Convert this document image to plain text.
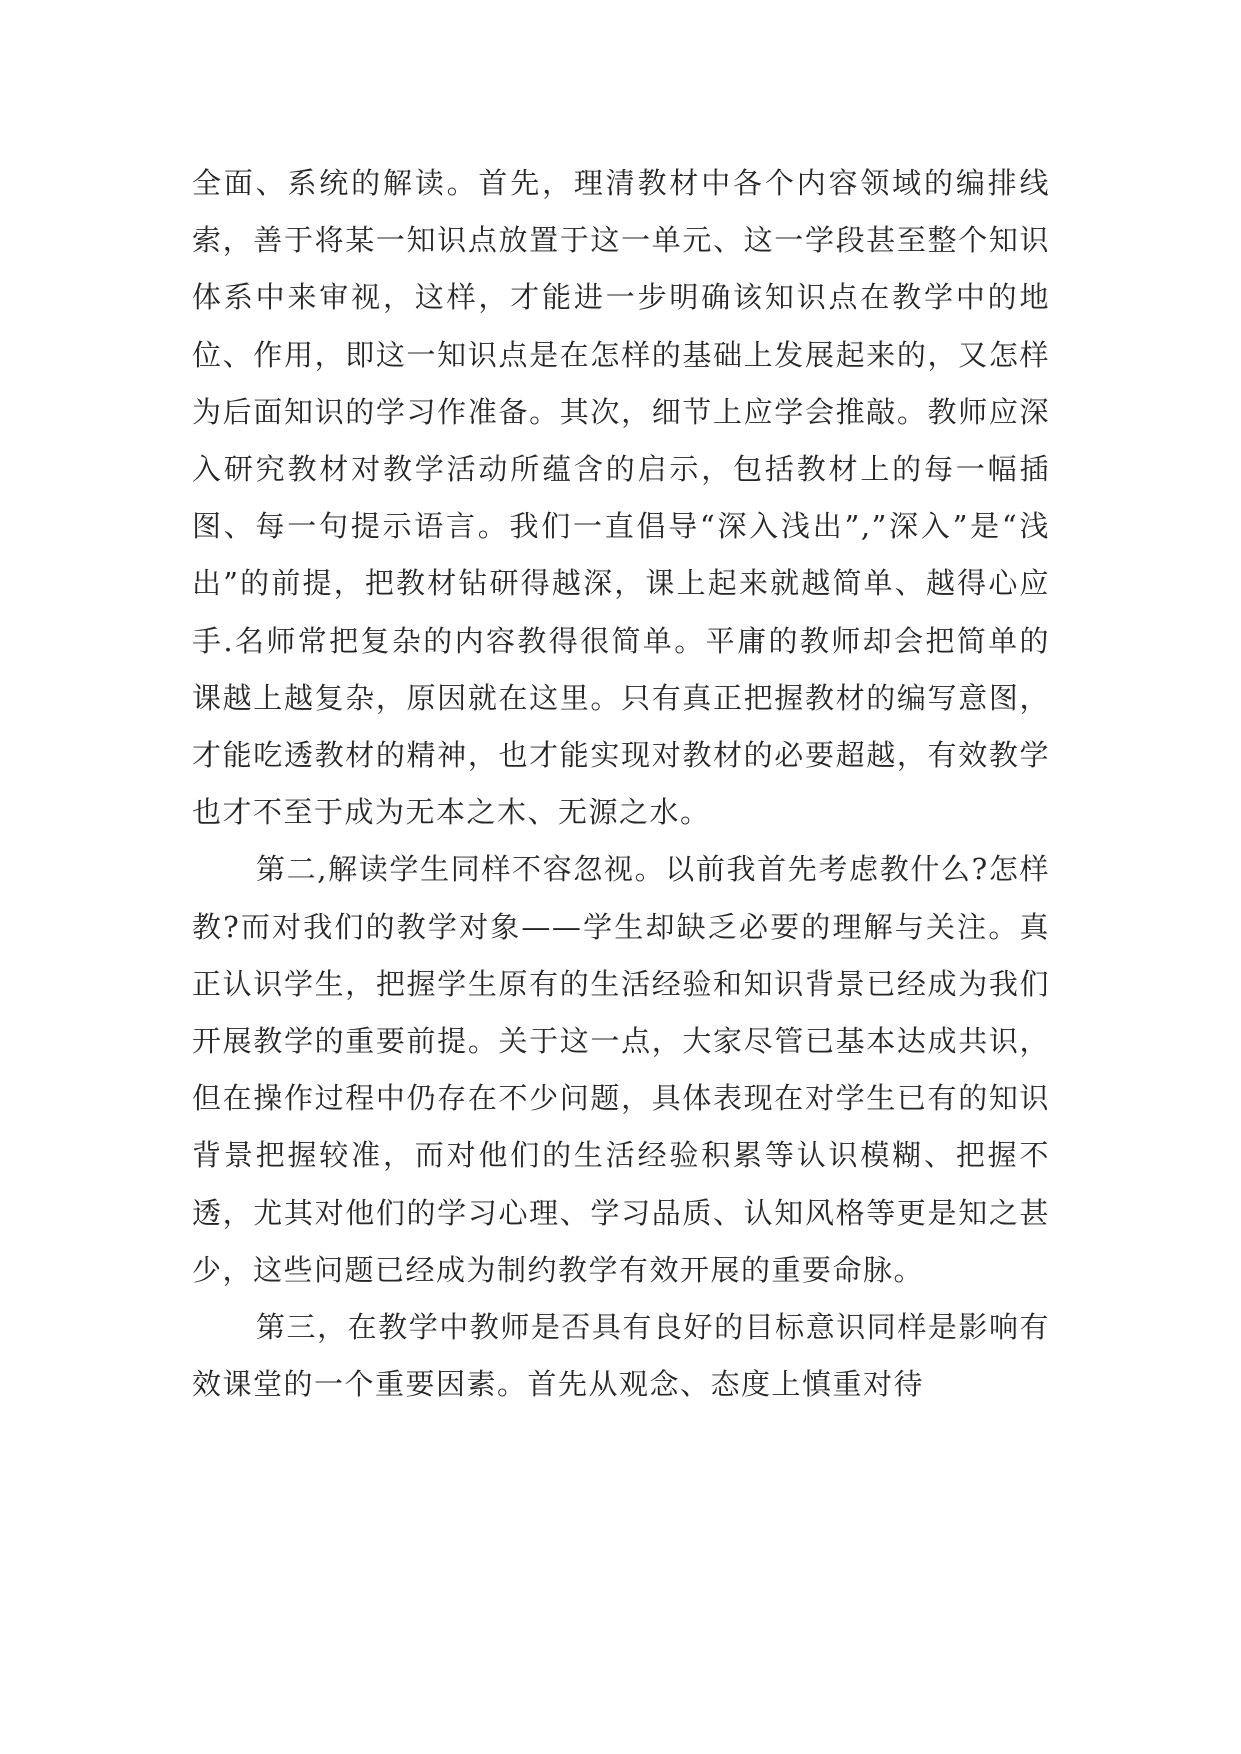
全面、系统的解读。首先，理清教材中各个内容领域的编排线索，善于将某一知识点放置于这一单元、这一学段甚至整个知识体系中来审视，这样，才能进一步明确该知识点在教学中的地位、作用，即这一知识点是在怎样的基础上发展起来的，又怎样为后面知识的学习作准备。其次，细节上应学会推敲。教师应深入研究教材对教学活动所蕴含的启示，包括教材上的每一幅插图、每一句提示语言。我们一直倡导“深入浅出”,”深入”是“浅出”的前提，把教材钻研得越深，课上起来就越简单、越得心应手.名师常把复杂的内容教得很简单。平庸的教师却会把简单的课越上越复杂，原因就在这里。只有真正把握教材的编写意图，才能吃透教材的精神，也才能实现对教材的必要超越，有效教学也才不至于成为无本之木、无源之水。

第二,解读学生同样不容忽视。以前我首先考虑教什么?怎样教?而对我们的教学对象——学生却缺乏必要的理解与关注。真正认识学生，把握学生原有的生活经验和知识背景已经成为我们开展教学的重要前提。关于这一点，大家尽管已基本达成共识，但在操作过程中仍存在不少问题，具体表现在对学生已有的知识背景把握较准，而对他们的生活经验积累等认识模糊、把握不透，尤其对他们的学习心理、学习品质、认知风格等更是知之甚少，这些问题已经成为制约教学有效开展的重要命脉。

第三，在教学中教师是否具有良好的目标意识同样是影响有效课堂的一个重要因素。首先从观念、态度上慎重对待
